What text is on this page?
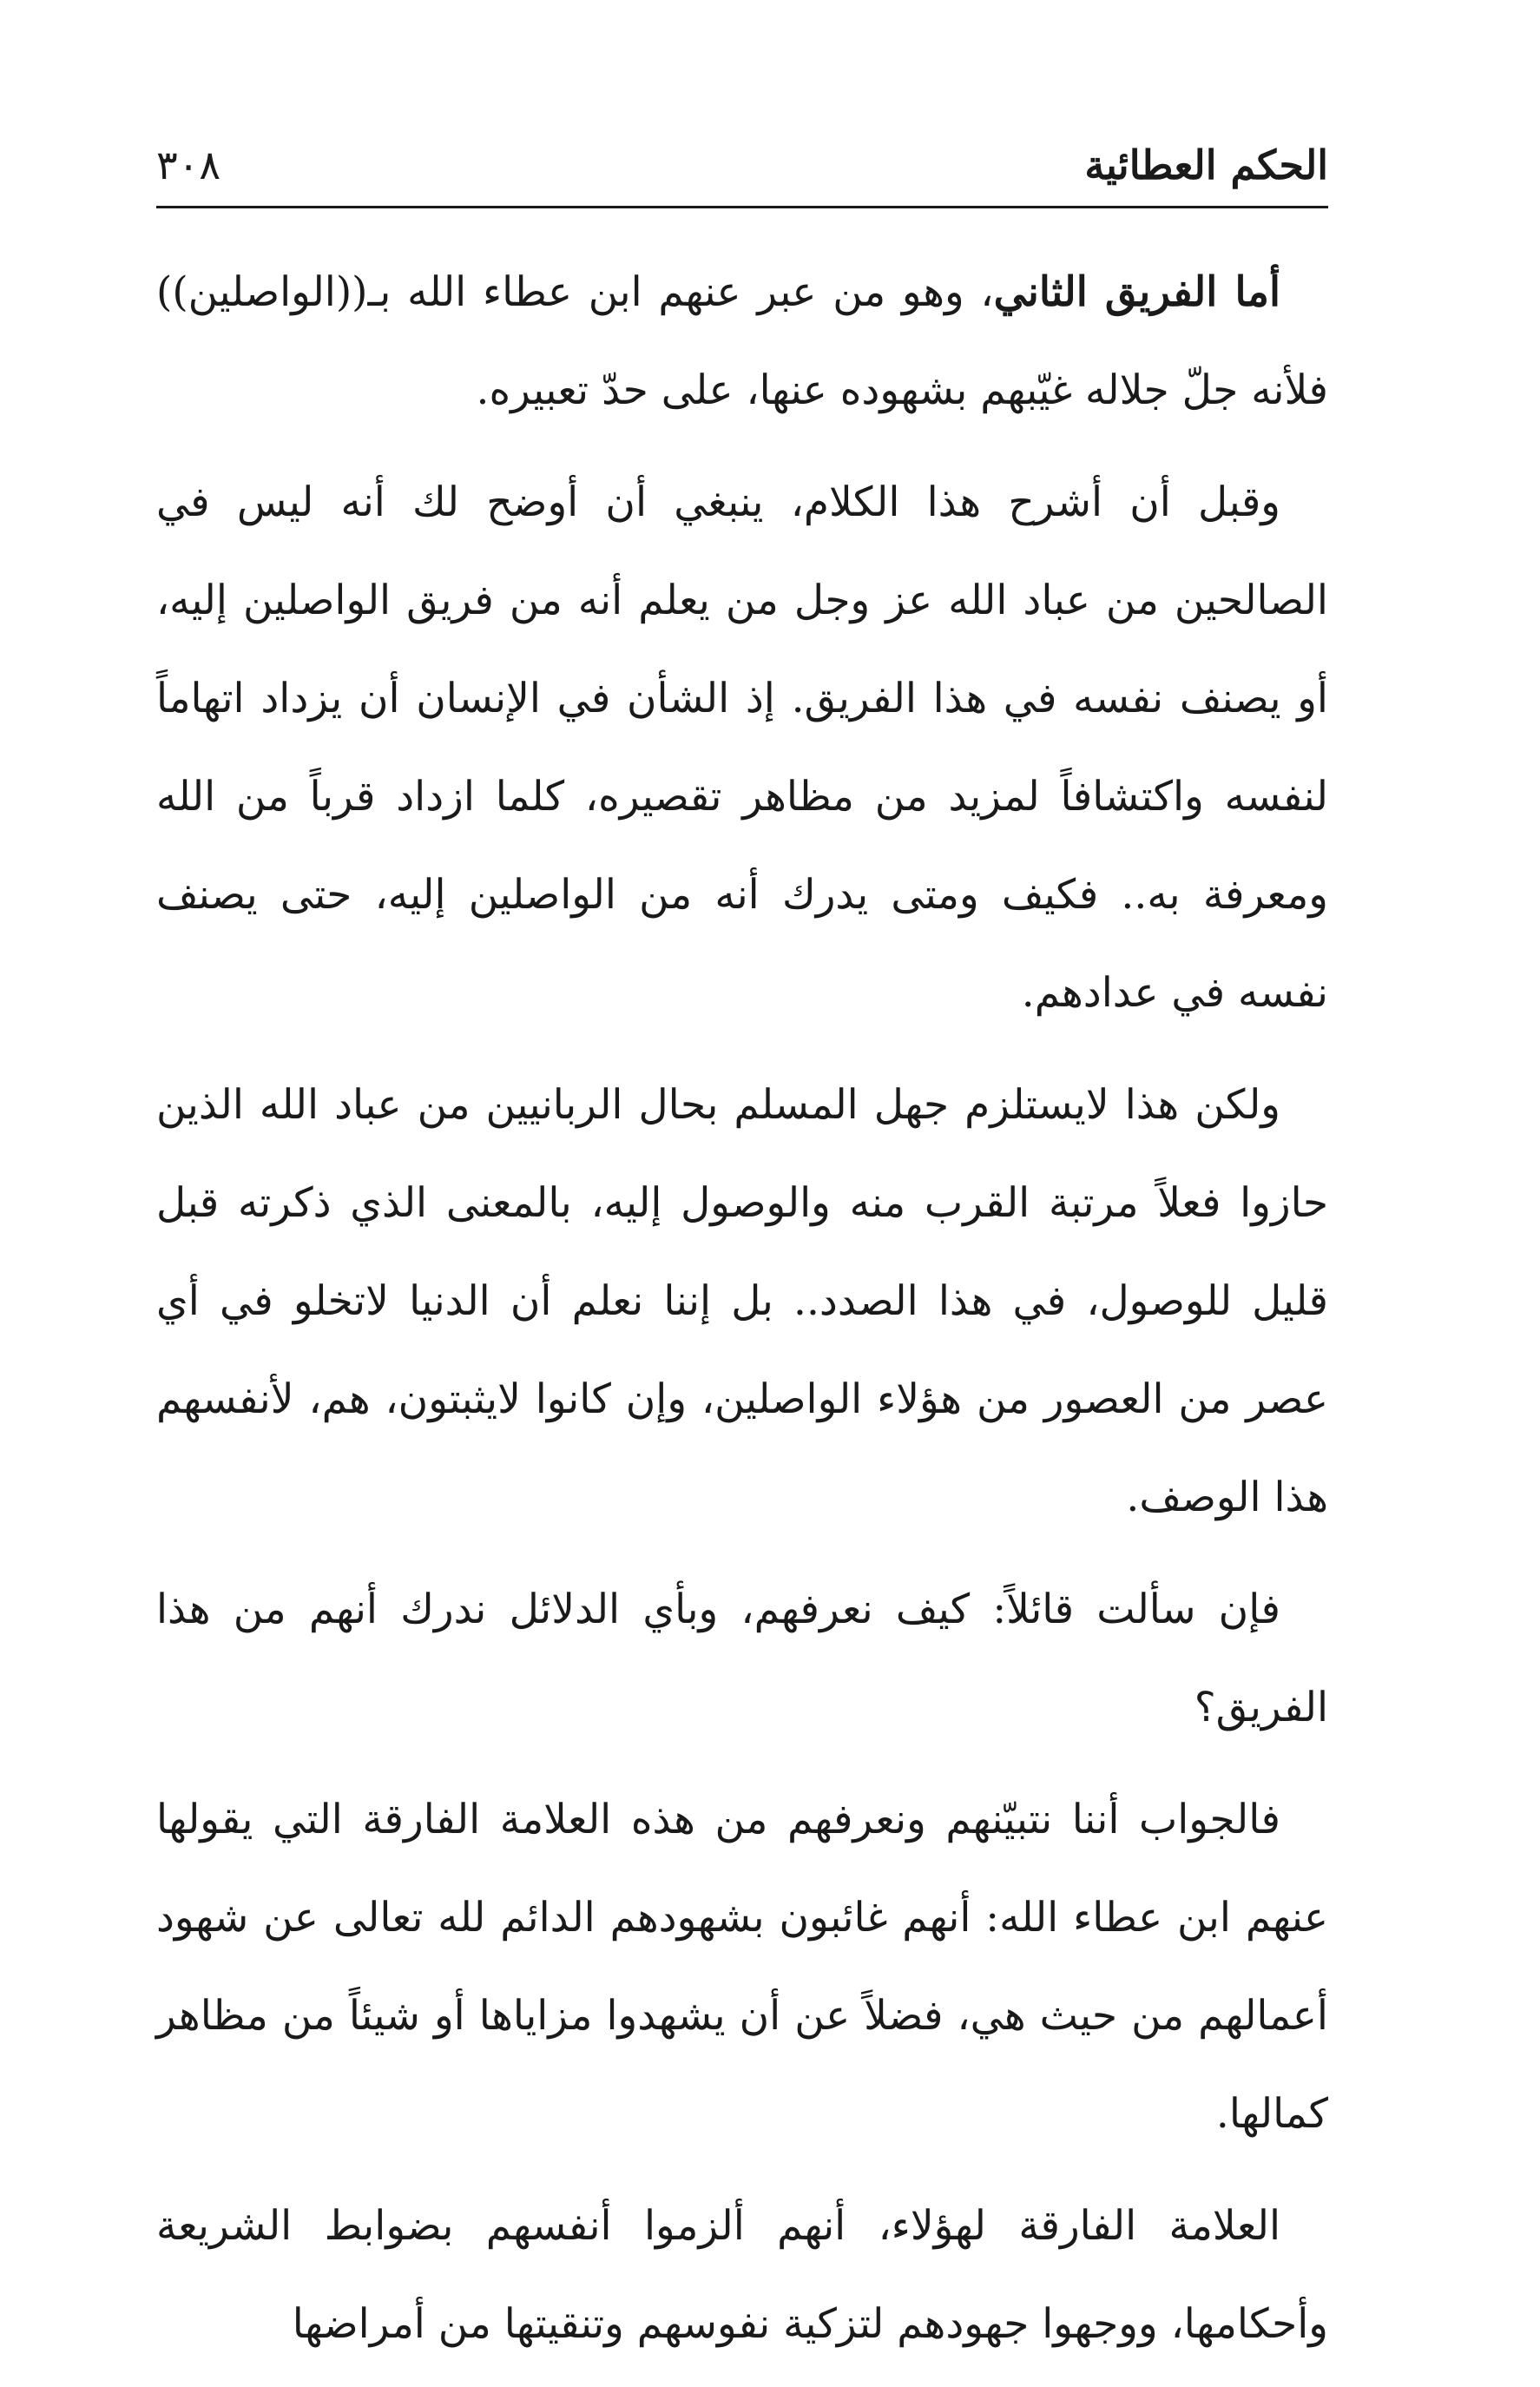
الحكم العطائية
٣٠٨

أما الفريق الثاني، وهو من عبر عنهم ابن عطاء الله بـ((الواصلين)) فلأنه جلّ جلاله غيّبهم بشهوده عنها، على حدّ تعبيره.

وقبل أن أشرح هذا الكلام، ينبغي أن أوضح لك أنه ليس في الصالحين من عباد الله عز وجل من يعلم أنه من فريق الواصلين إليه، أو يصنف نفسه في هذا الفريق. إذ الشأن في الإنسان أن يزداد اتهاماً لنفسه واكتشافاً لمزيد من مظاهر تقصيره، كلما ازداد قرباً من الله ومعرفة به.. فكيف ومتى يدرك أنه من الواصلين إليه، حتى يصنف نفسه في عدادهم.

ولكن هذا لايستلزم جهل المسلم بحال الربانيين من عباد الله الذين حازوا فعلاً مرتبة القرب منه والوصول إليه، بالمعنى الذي ذكرته قبل قليل للوصول، في هذا الصدد.. بل إننا نعلم أن الدنيا لاتخلو في أي عصر من العصور من هؤلاء الواصلين، وإن كانوا لايثبتون، هم، لأنفسهم هذا الوصف.

فإن سألت قائلاً: كيف نعرفهم، وبأي الدلائل ندرك أنهم من هذا الفريق؟

فالجواب أننا نتبيّنهم ونعرفهم من هذه العلامة الفارقة التي يقولها عنهم ابن عطاء الله: أنهم غائبون بشهودهم الدائم لله تعالى عن شهود أعمالهم من حيث هي، فضلاً عن أن يشهدوا مزاياها أو شيئاً من مظاهر كمالها.

العلامة الفارقة لهؤلاء، أنهم ألزموا أنفسهم بضوابط الشريعة وأحكامها، ووجهوا جهودهم لتزكية نفوسهم وتنقيتها من أمراضها
